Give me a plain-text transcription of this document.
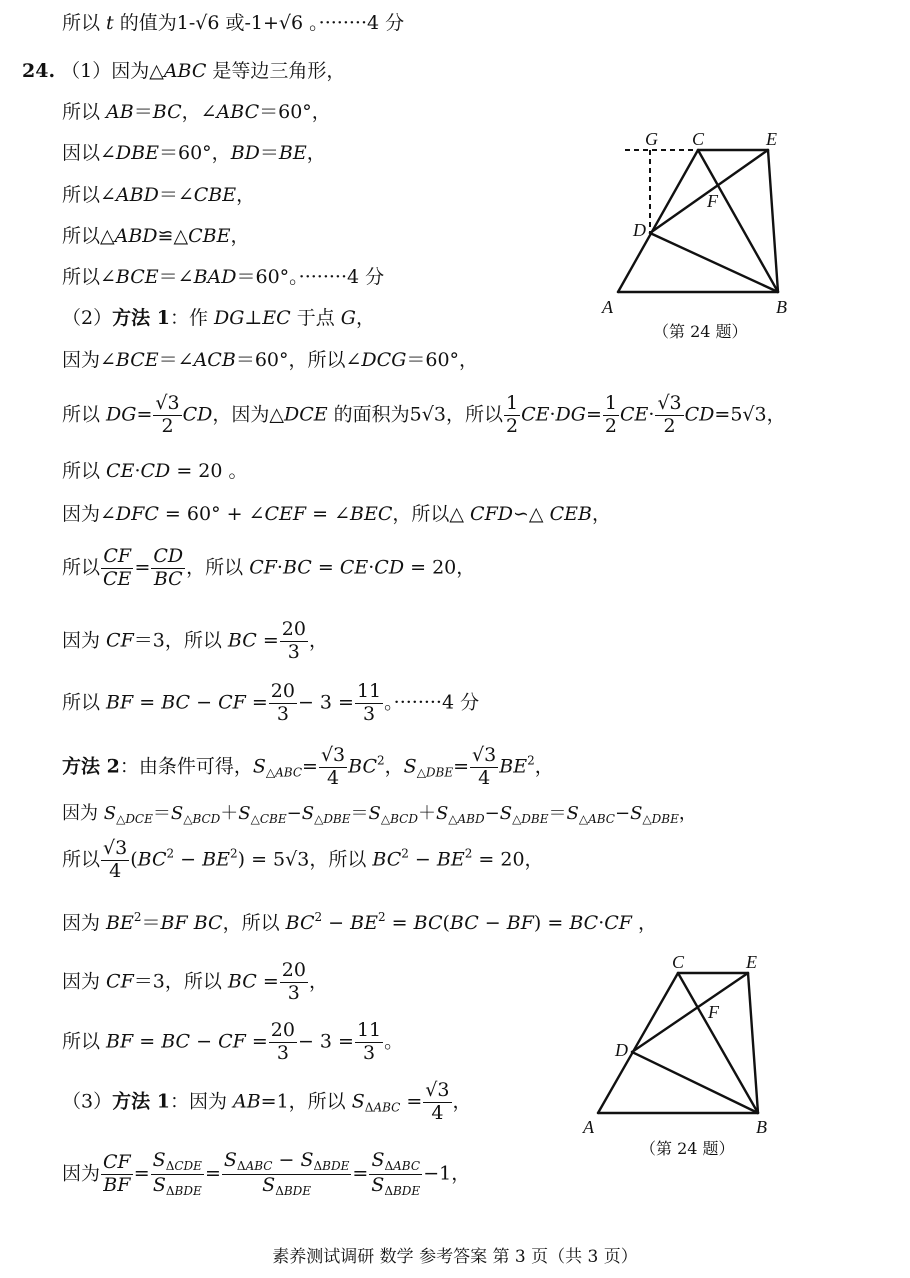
所以 t 的值为1-√6 或-1+√6 。········4 分
24. （1）因为△ABC 是等边三角形，
所以 AB＝BC，∠ABC＝60°，
因以∠DBE＝60°，BD＝BE，
所以∠ABD＝∠CBE，
所以△ABD≌△CBE，
所以∠BCE＝∠BAD＝60°。········4 分
（2）方法 1：作 DG⊥EC 于点 G，
因为∠BCE＝∠ACB＝60°，所以∠DCG＝60°，
所以 $DG= \frac{√3}{2}$ CD，因为△DCE 的面积为5√3，所以 $\frac{1}{2} CE\cdot DG= \frac{1}{2} CE\cdot \frac{√3}{2} CD=5√3$，
所以 CE·CD = 20 。
因为∠DFC = 60° + ∠CEF = ∠BEC，所以△ CFD∽△ CEB，
所以 $\frac{CF}{CE} = \frac{CD}{BC}$ ，所以 CF·BC = CE·CD = 20，
因为 CF＝3，所以 BC = $\frac{20}{3}$ ，
所以 BF = BC − CF = $\frac{20}{3} - 3 = \frac{11}{3}$ 。········4 分
方法 2：由条件可得，$S_{\triangle ABC}= \frac{√3}{4} BC^2$，$S_{\triangle DBE}= \frac{√3}{4} BE^2$，
因为 $S_{\triangle DCE}=S_{\triangle BCD}+S_{\triangle CBE}-S_{\triangle DBE}=S_{\triangle BCD}+S_{\triangle ABD}-S_{\triangle DBE}=S_{\triangle ABC}-S_{\triangle DBE}$，
所以 $\frac{√3}{4} (BC^2 - BE^2) = 5√3$，所以 $BC^2 - BE^2 = 20$，
因为 $BE^2=BF$ BC，所以 $BC^2 - BE^2 = BC(BC - BF) = BC\cdot CF$ ，
因为 CF＝3，所以 BC = $\frac{20}{3}$ ，
所以 BF = BC − CF = $\frac{20}{3} - 3 = \frac{11}{3}$ 。
（3）方法 1：因为 AB=1，所以 $S_{\Delta ABC} = \frac{√3}{4}$ ，
因为 $\frac{CF}{BF} = \frac{S_{\Delta CDE}}{S_{\Delta BDE}} = \frac{S_{\Delta ABC} - S_{\Delta BDE}}{S_{\Delta BDE}} = \frac{S_{\Delta ABC}}{S_{\Delta BDE}} -1$，
G C	E
F
D
A	B
（第 24 题）
C	E
F
D
A	B
（第 24 题）
素养测试调研 数学 参考答案 第 3 页（共 3 页）
